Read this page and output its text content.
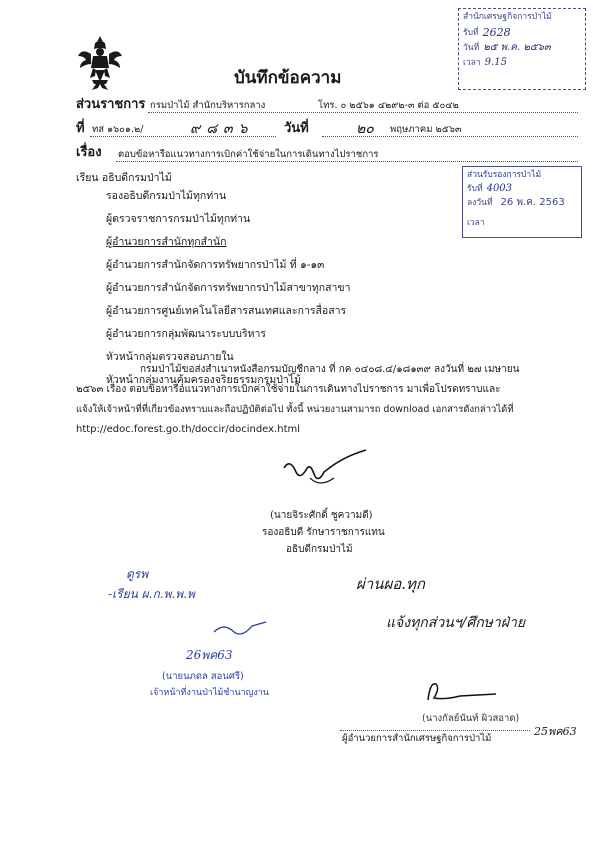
บันทึกข้อความ
สำนักเศรษฐกิจการป่าไม้
รับที่ 2628
วันที่ ๒๕ พ.ค. ๒๕๖๓
เวลา 9.15
ส่วนราชการ กรมป่าไม้ สำนักบริหารกลาง	โทร. ๐ ๒๕๖๑ ๔๒๙๒-๓ ต่อ ๕๐๔๒
ที่ ทส ๑๖๐๑.๒/	๙๘๓๖ วันที่	๒๐ พฤษภาคม ๒๕๖๓
เรื่อง ตอบข้อหารือแนวทางการเบิกค่าใช้จ่ายในการเดินทางไปราชการ
ส่วนรับรองการป่าไม้
รับที่ 4003
ลงวันที่ 26 พ.ค. 2563
เวลา
เรียน อธิบดีกรมป่าไม้
รองอธิบดีกรมป่าไม้ทุกท่าน
ผู้ตรวจราชการกรมป่าไม้ทุกท่าน
ผู้อำนวยการสำนักทุกสำนัก
ผู้อำนวยการสำนักจัดการทรัพยากรป่าไม้ ที่ ๑-๑๓
ผู้อำนวยการสำนักจัดการทรัพยากรป่าไม้สาขาทุกสาขา
ผู้อำนวยการศูนย์เทคโนโลยีสารสนเทศและการสื่อสาร
ผู้อำนวยการกลุ่มพัฒนาระบบบริหาร
หัวหน้ากลุ่มตรวจสอบภายใน
หัวหน้ากลุ่มงานคุ้มครองจริยธรรมกรมป่าไม้
กรมป่าไม้ขอส่งสำเนาหนังสือกรมบัญชีกลาง ที่ กค ๐๔๐๘.๔/๑๘๑๓๙ ลงวันที่ ๒๗ เมษายน
๒๕๖๓ เรื่อง ตอบข้อหารือแนวทางการเบิกค่าใช้จ่ายในการเดินทางไปราชการ มาเพื่อโปรดทราบและ
แจ้งให้เจ้าหน้าที่ที่เกี่ยวข้องทราบและถือปฏิบัติต่อไป ทั้งนี้ หน่วยงานสามารถ download เอกสารดังกล่าวได้ที่
http://edoc.forest.go.th/doccir/docindex.html
(นายจิระศักดิ์ ชูความดี)
รองอธิบดี รักษาราชการแทน
อธิบดีกรมป่าไม้
ดูรพ
-เรียน ผ.ก.พ.พ.พ
26พค63
(นายนภดล สอนศรี)
เจ้าหน้าที่งานป่าไม้ชำนาญงาน
ผ่านผอ.ทุก
แจ้งทุกส่วนฯ/ศึกษาฝ่าย
(นางกัลย์นันท์ ผิวสอาด)
ผู้อำนวยการสำนักเศรษฐกิจการป่าไม้
25พค63
